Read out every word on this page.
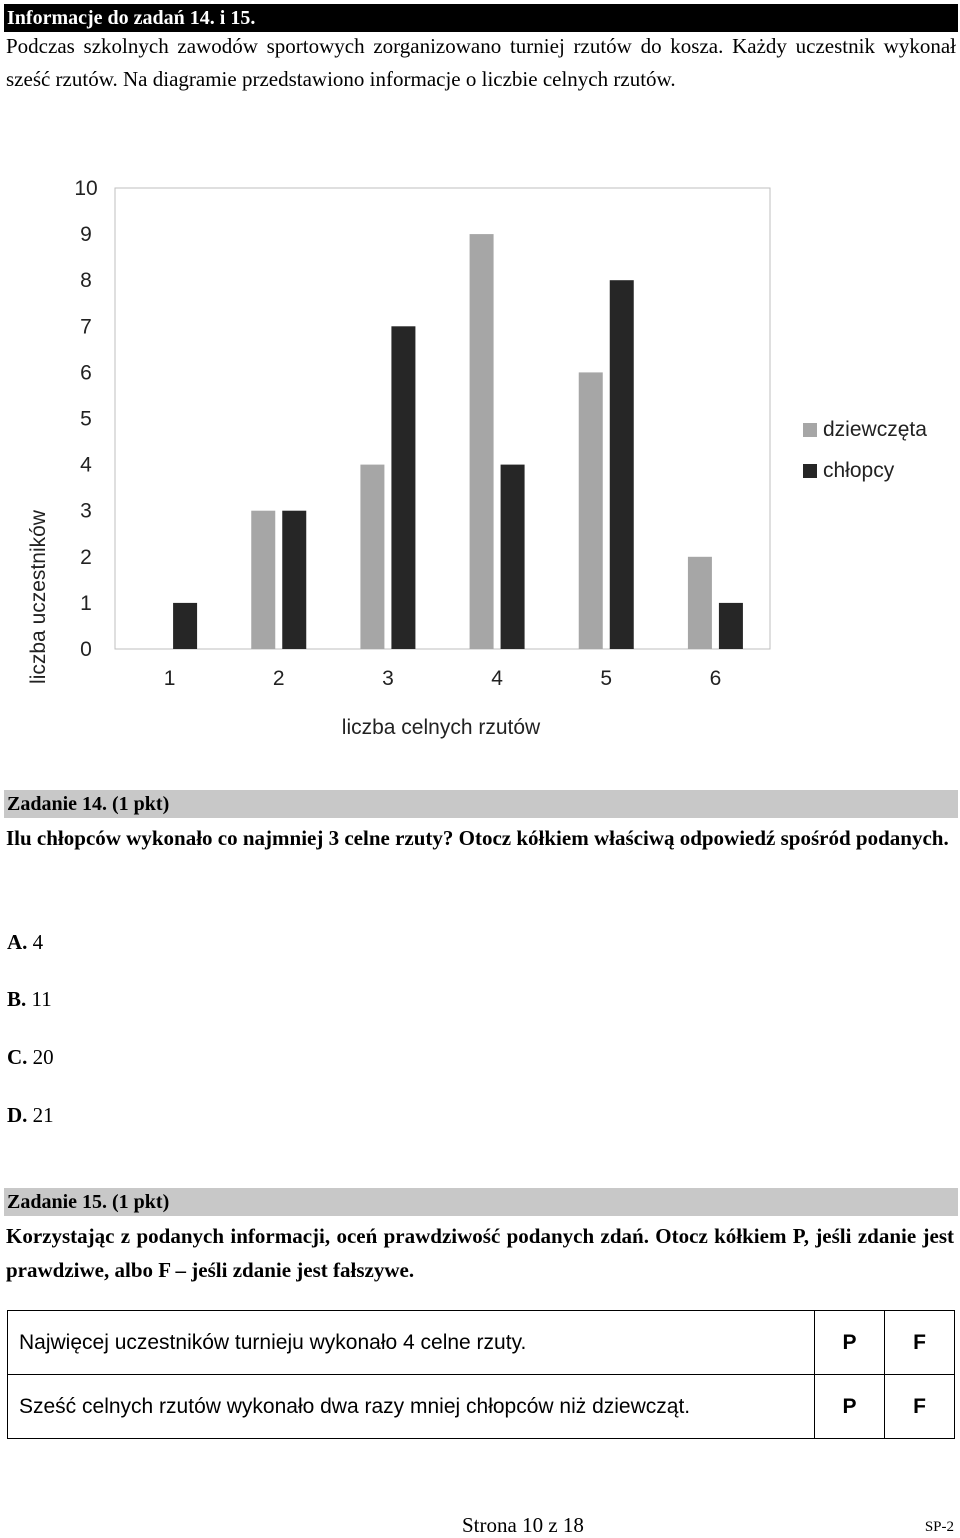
Informacje do zadań 14. i 15.
Podczas szkolnych zawodów sportowych zorganizowano turniej rzutów do kosza. Każdy uczestnik wykonał sześć rzutów. Na diagramie przedstawiono informacje o liczbie celnych rzutów.
0
1
2
3
4
5
6
7
8
9
10
1	2	3	4	5	6
liczba uczestników
liczba celnych rzutów
dziewczęta
chłopcy
Zadanie 14. (1 pkt)
Ilu chłopców wykonało co najmniej 3 celne rzuty? Otocz kółkiem właściwą odpowiedź spośród podanych.
A. 4
B. 11
C. 20
D. 21
Zadanie 15. (1 pkt)
Korzystając z podanych informacji, oceń prawdziwość podanych zdań. Otocz kółkiem P, jeśli zdanie jest prawdziwe, albo F – jeśli zdanie jest fałszywe.
Najwięcej uczestników turnieju wykonało 4 celne rzuty.	P	F
Sześć celnych rzutów wykonało dwa razy mniej chłopców niż dziewcząt.	P	F
Strona 10 z 18	SP-2
